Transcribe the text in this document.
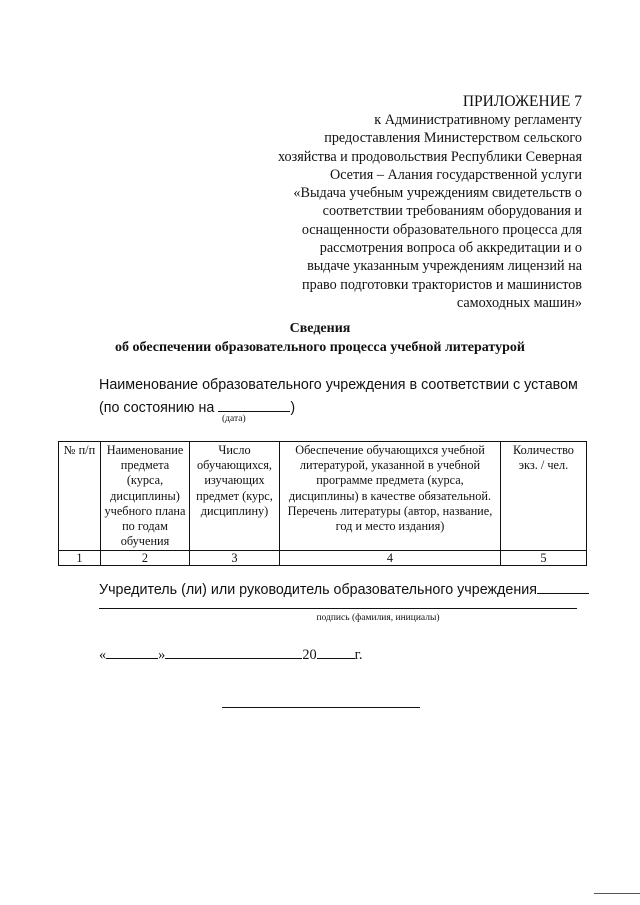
ПРИЛОЖЕНИЕ 7
к Административному регламенту
предоставления Министерством сельского
хозяйства и продовольствия Республики Северная
Осетия – Алания государственной услуги
«Выдача учебным учреждениям свидетельств о
соответствии требованиям оборудования и
оснащенности образовательного процесса для
рассмотрения вопроса об аккредитации и о
выдаче указанным учреждениям лицензий на
право подготовки трактористов и машинистов
самоходных машин»
Сведения
об обеспечении образовательного процесса учебной литературой
Наименование образовательного учреждения в соответствии с уставом
(по состоянию на	)
(дата)
№ п/п	Наименование предмета (курса, дисциплины) учебного плана по годам обучения	Число обучающихся, изучающих предмет (курс, дисциплину)	Обеспечение обучающихся учебной литературой, указанной в учебной программе предмета (курса, дисциплины) в качестве обязательной. Перечень литературы (автор, название, год и место издания)	Количество экз. / чел.
1	2	3	4	5
Учредитель (ли) или руководитель образовательного учреждения
подпись (фамилия, инициалы)
«	»	20	г.
